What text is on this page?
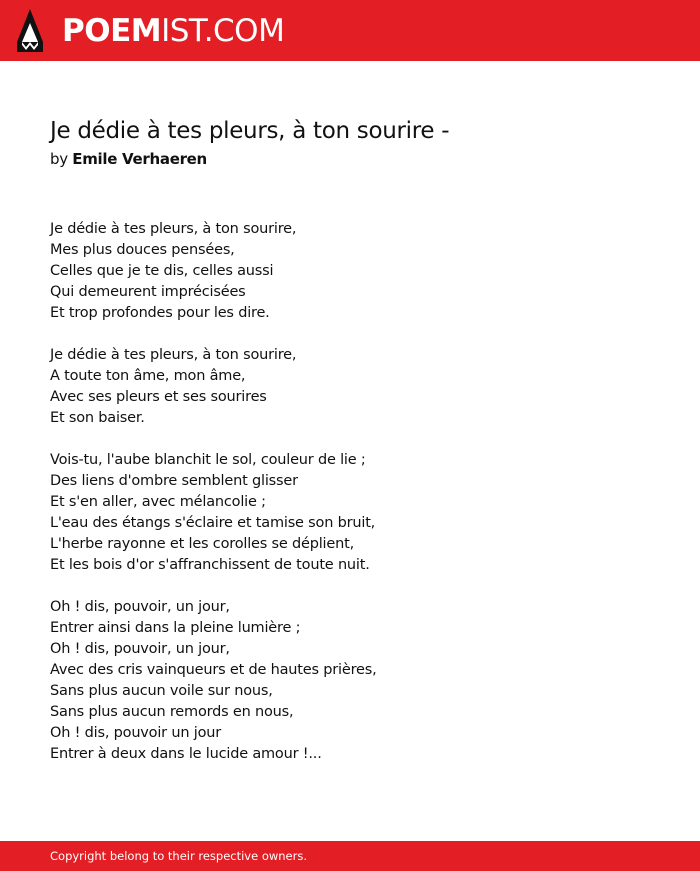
POEMIST.COM
Je dédie à tes pleurs, à ton sourire -
by Emile Verhaeren
Je dédie à tes pleurs, à ton sourire,
Mes plus douces pensées,
Celles que je te dis, celles aussi
Qui demeurent imprécisées
Et trop profondes pour les dire.
Je dédie à tes pleurs, à ton sourire,
A toute ton âme, mon âme,
Avec ses pleurs et ses sourires
Et son baiser.
Vois-tu, l'aube blanchit le sol, couleur de lie ;
Des liens d'ombre semblent glisser
Et s'en aller, avec mélancolie ;
L'eau des étangs s'éclaire et tamise son bruit,
L'herbe rayonne et les corolles se déplient,
Et les bois d'or s'affranchissent de toute nuit.
Oh ! dis, pouvoir, un jour,
Entrer ainsi dans la pleine lumière ;
Oh ! dis, pouvoir, un jour,
Avec des cris vainqueurs et de hautes prières,
Sans plus aucun voile sur nous,
Sans plus aucun remords en nous,
Oh ! dis, pouvoir un jour
Entrer à deux dans le lucide amour !...
Copyright belong to their respective owners.
